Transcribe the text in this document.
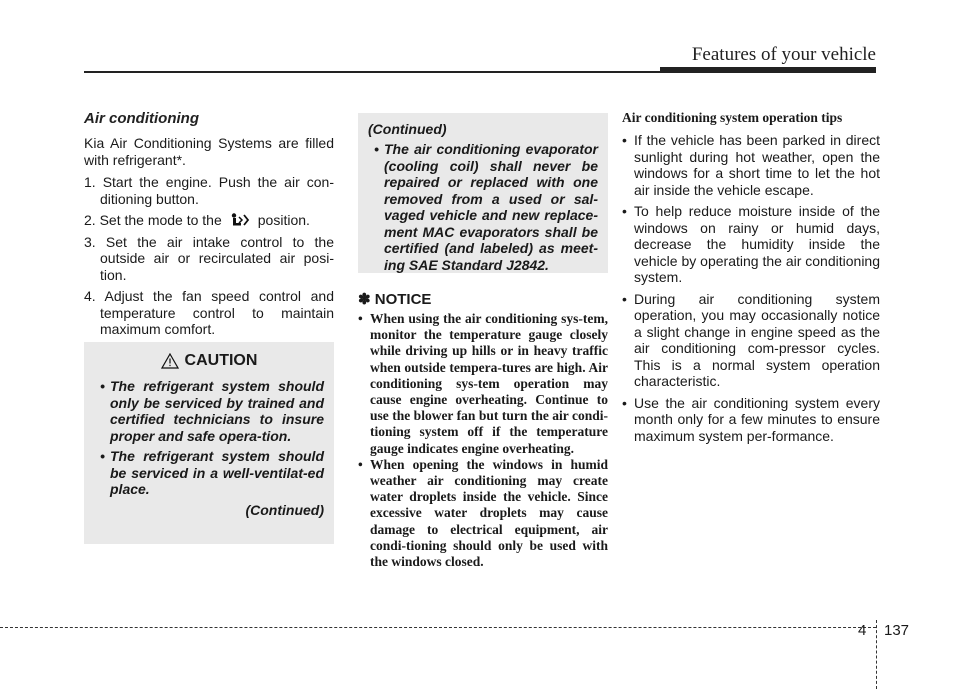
Features of your vehicle
Air conditioning

Kia Air Conditioning Systems are filled with refrigerant*.

1. Start the engine. Push the air con-ditioning button.
2. Set the mode to the	position.
3. Set the air intake control to the outside air or recirculated air posi-tion.
4. Adjust the fan speed control and temperature control to maintain maximum comfort.
CAUTION
• The refrigerant system should only be serviced by trained and certified technicians to insure proper and safe opera-tion.
• The refrigerant system should be serviced in a well-ventilat-ed place.
(Continued)
(Continued)
• The air conditioning evaporator (cooling coil) shall never be repaired or replaced with one removed from a used or sal-vaged vehicle and new replace-ment MAC evaporators shall be certified (and labeled) as meet-ing SAE Standard J2842.
✽ NOTICE
• When using the air conditioning sys-tem, monitor the temperature gauge closely while driving up hills or in heavy traffic when outside tempera-tures are high. Air conditioning sys-tem operation may cause engine overheating. Continue to use the blower fan but turn the air condi-tioning system off if the temperature gauge indicates engine overheating.
• When opening the windows in humid weather air conditioning may create water droplets inside the vehicle. Since excessive water droplets may cause damage to electrical equipment, air condi-tioning should only be used with the windows closed.
Air conditioning system operation tips
• If the vehicle has been parked in direct sunlight during hot weather, open the windows for a short time to let the hot air inside the vehicle escape.
• To help reduce moisture inside of the windows on rainy or humid days, decrease the humidity inside the vehicle by operating the air conditioning system.
• During air conditioning system operation, you may occasionally notice a slight change in engine speed as the air conditioning com-pressor cycles. This is a normal system operation characteristic.
• Use the air conditioning system every month only for a few minutes to ensure maximum system per-formance.
4 137
